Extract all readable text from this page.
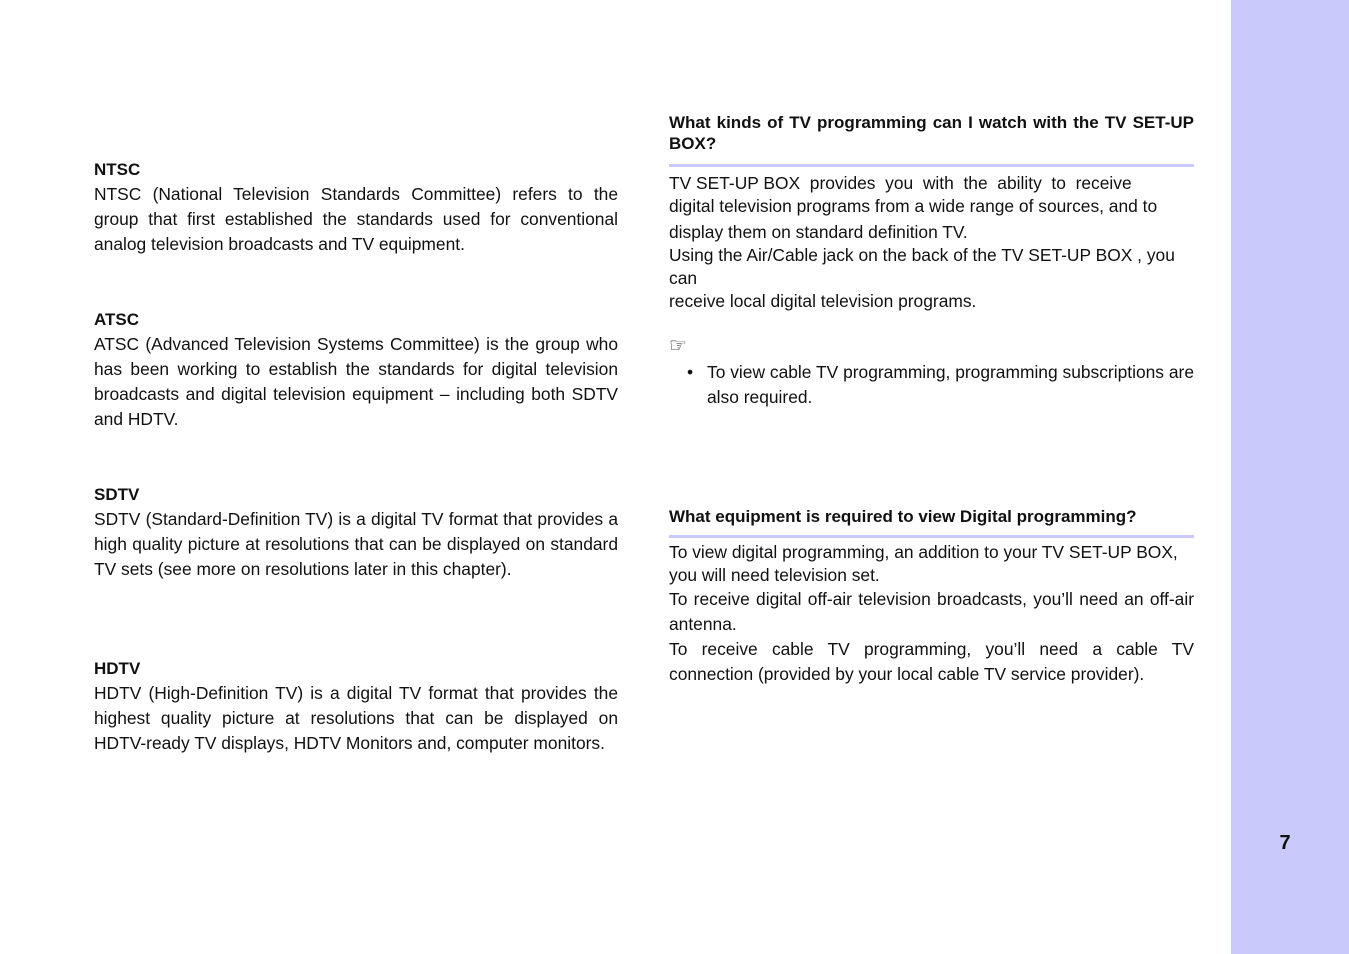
NTSC
NTSC (National Television Standards Committee) refers to the group that first established the standards used for conventional analog television broadcasts and TV equipment.
ATSC
ATSC (Advanced Television Systems Committee) is the group who has been working to establish the standards for digital television broadcasts and digital television equipment – including both SDTV and HDTV.
SDTV
SDTV (Standard-Definition TV) is a digital TV format that provides a high quality picture at resolutions that can be displayed on standard TV sets (see more on resolutions later in this chapter).
HDTV
HDTV (High-Definition TV) is a digital TV format that provides the highest quality picture at resolutions that can be displayed on HDTV-ready TV displays, HDTV Monitors and, computer monitors.
What kinds of TV programming can I watch with the TV SET-UP BOX?

TV SET-UP BOX  provides  you  with  the  ability  to  receive

digital television programs from a wide range of sources, and to

display them on standard definition TV.

Using the Air/Cable jack on the back of the TV SET-UP BOX , you can

receive local digital television programs.

☞
• To view cable TV programming, programming subscriptions are also required.
What equipment is required to view Digital programming?

To view digital programming, an addition to your TV SET-UP BOX, you will need television set.

To receive digital off-air television broadcasts, you’ll need an off-air antenna.

To receive cable TV programming, you’ll need a cable TV connection (provided by your local cable TV service provider).

7
